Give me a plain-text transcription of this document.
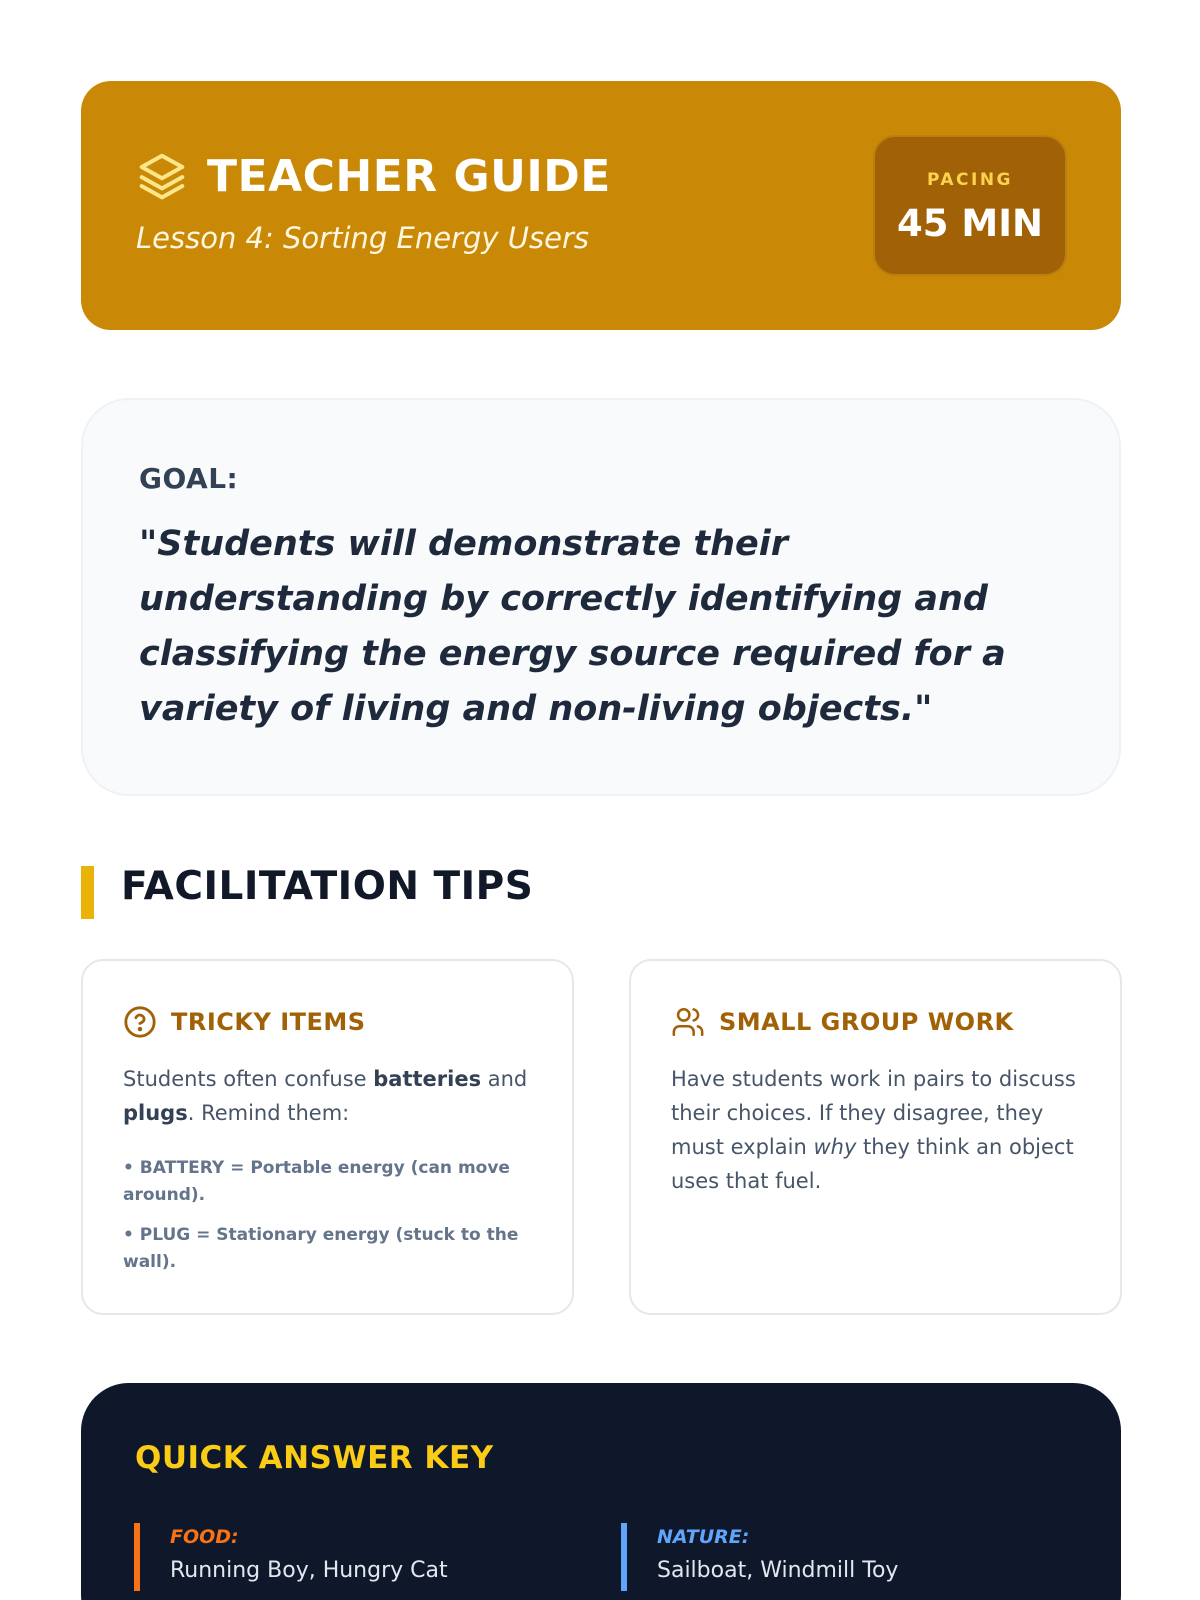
TEACHER GUIDE
Lesson 4: Sorting Energy Users
PACING
45 MIN
GOAL:
"Students will demonstrate their understanding by correctly identifying and classifying the energy source required for a variety of living and non-living objects."
FACILITATION TIPS
TRICKY ITEMS
Students often confuse batteries and plugs. Remind them:
• BATTERY = Portable energy (can move around).
• PLUG = Stationary energy (stuck to the wall).
SMALL GROUP WORK
Have students work in pairs to discuss their choices. If they disagree, they must explain why they think an object uses that fuel.
QUICK ANSWER KEY
FOOD:
Running Boy, Hungry Cat
NATURE:
Sailboat, Windmill Toy
